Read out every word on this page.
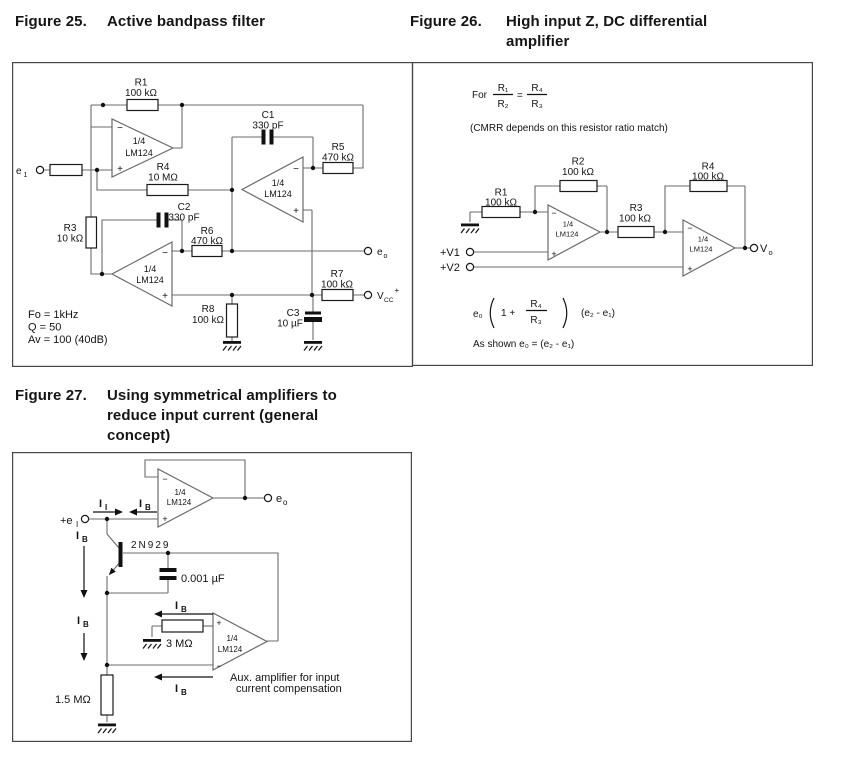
Figure 25.	Active bandpass filter	Figure 26.	High input Z, DC differential
amplifier
Figure 27.	Using symmetrical amplifiers to
reduce input current (general
concept)
R1
100 kΩ
R4
10 MΩ
R3
10 kΩ
C1
330 pF
C2
330 pF
R5
470 kΩ
R6
470 kΩ
R7
100 kΩ
R8
100 kΩ
C3
10 µF
1/4
LM124
−
+
1/4
LM124
−
+
1/4
LM124
−
+
e 1
e o
V CC
+
Fo = 1kHz
Q = 50
Av = 100 (40dB)
For
R₁
R₂
=
R₄
R₃
(CMRR depends on this resistor ratio match)
R1
100 kΩ
R2
100 kΩ
R3
100 kΩ
R4
100 kΩ
1/4
LM124
−
+
1/4
LM124
−
+
+V1
+V2
V o
e₀ 1 +
R₄
R₃
(e₂ - e₁)
As shown e₀ = (e₂ - e₁)
1/4
LM124
−
+
1/4
LM124
+
−
I I	I B
+e I
I B
I B
I B
I B
e o
2N929
0.001 µF
3 MΩ
1.5 MΩ
Aux. amplifier for input
current compensation
